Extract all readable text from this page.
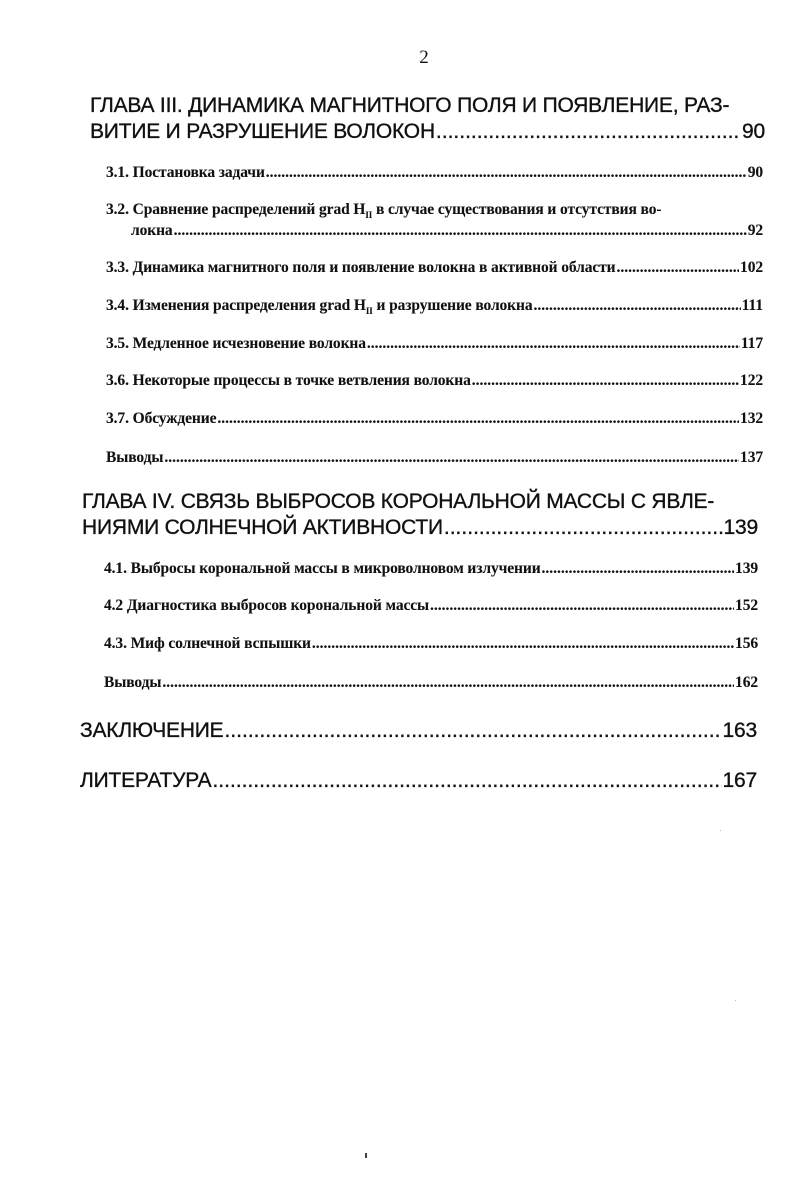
2
ГЛАВА III. ДИНАМИКА МАГНИТНОГО ПОЛЯ И ПОЯВЛЕНИЕ, РАЗ-
ВИТИЕ И РАЗРУШЕНИЕ ВОЛОКОН .....	90
3.1. Постановка задачи .....	90
3.2. Сравнение распределений grad $H_{II}$ в случае существования и отсутствия во-
локна .....	92
3.3. Динамика магнитного поля и появление волокна в активной области .....	102
3.4. Изменения распределения grad $H_{II}$ и разрушение волокна .....	111
3.5. Медленное исчезновение волокна .....	117
3.6. Некоторые процессы в точке ветвления волокна .....	122
3.7. Обсуждение .....	132
Выводы .....	137
ГЛАВА IV. СВЯЗЬ ВЫБРОСОВ КОРОНАЛЬНОЙ МАССЫ С ЯВЛЕ-
НИЯМИ СОЛНЕЧНОЙ АКТИВНОСТИ .....	139
4.1. Выбросы корональной массы в микроволновом излучении .....	139
4.2 Диагностика выбросов корональной массы .....	152
4.3. Миф солнечной вспышки .....	156
Выводы .....	162
ЗАКЛЮЧЕНИЕ .....	163
ЛИТЕРАТУРА .....	167
